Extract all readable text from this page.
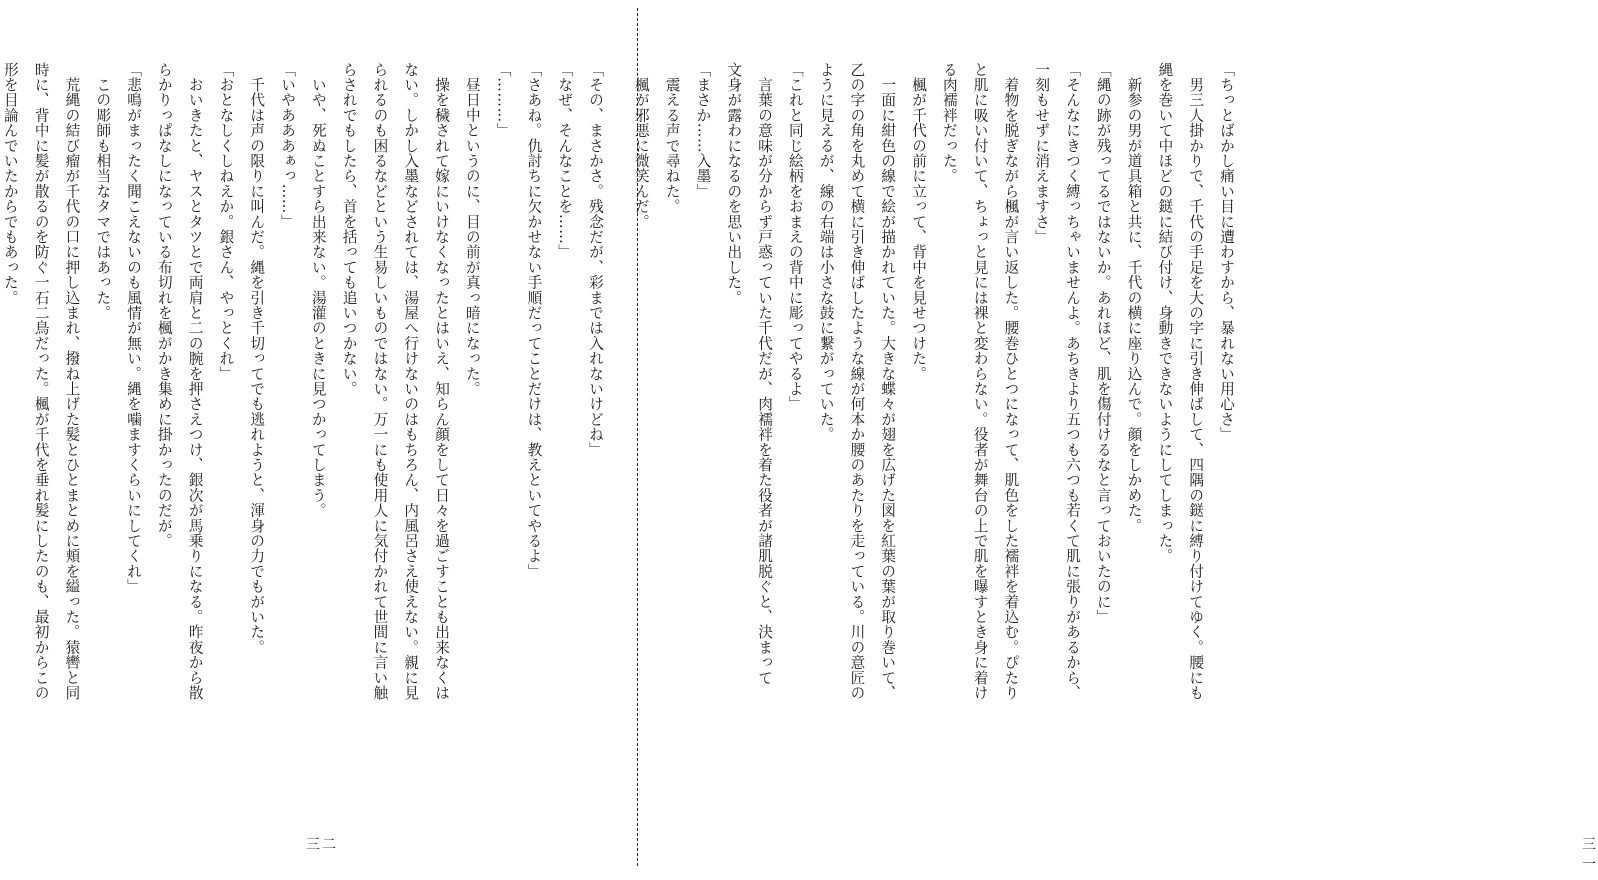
「ちっとばかし痛い目に遭わすから、暴れない用心さ」
　男三人掛かりで、千代の手足を大の字に引き伸ばして、四隅の鎹に縛り付けてゆく。腰にも
縄を巻いて中ほどの鎹に結び付け、身動きできないようにしてしまった。
　新参の男が道具箱と共に、千代の横に座り込んで。顔をしかめた。
「縄の跡が残ってるではないか。あれほど、肌を傷付けるなと言っておいたのに」
「そんなにきつく縛っちゃいませんよ。あちきより五つも六つも若くて肌に張りがあるから、
一刻もせずに消えますさ」
　着物を脱ぎながら楓が言い返した。腰巻ひとつになって、肌色をした襦袢を着込む。ぴたり
と肌に吸い付いて、ちょっと見には裸と変わらない。役者が舞台の上で肌を曝すとき身に着け
る肉襦袢だった。
　楓が千代の前に立って、背中を見せつけた。
　一面に紺色の線で絵が描かれていた。大きな蝶々が翅を広げた図を紅葉の葉が取り巻いて、
乙の字の角を丸めて横に引き伸ばしたような線が何本か腰のあたりを走っている。川の意匠の
ように見えるが、線の右端は小さな鼓に繋がっていた。
「これと同じ絵柄をおまえの背中に彫ってやるよ」
　言葉の意味が分からず戸惑っていた千代だが、肉襦袢を着た役者が諸肌脱ぐと、決まって
文身が露わになるのを思い出した。
「まさか……入墨」
　震える声で尋ねた。
　楓が邪悪に微笑んだ。
三一
「その、まさかさ。残念だが、彩までは入れないけどね」
「なぜ、そんなことを……」
「さあね。仇討ちに欠かせない手順だってことだけは、教えといてやるよ」
「………」
　昼日中というのに、目の前が真っ暗になった。
　操を穢されて嫁にいけなくなったとはいえ、知らん顔をして日々を過ごすことも出来なくは
ない。しかし入墨などされては、湯屋へ行けないのはもちろん、内風呂さえ使えない。親に見
られるのも困るなどという生易しいものではない。万一にも使用人に気付かれて世間に言い触
らされでもしたら、首を括っても追いつかない。
　いや、死ぬことすら出来ない。湯灌のときに見つかってしまう。
「いやあああぁっ……」
　千代は声の限りに叫んだ。縄を引き千切ってでも逃れようと、渾身の力でもがいた。
「おとなしくしねえか。銀さん、やっとくれ」
　おいきたと、ヤスとタツとで両肩と二の腕を押さえつけ、銀次が馬乗りになる。昨夜から散
らかりっぱなしになっている布切れを楓がかき集めに掛かったのだが。
「悲鳴がまったく聞こえないのも風情が無い。縄を噛ますくらいにしてくれ」
　この彫師も相当なタマではあった。
　荒縄の結び瘤が千代の口に押し込まれ、撥ね上げた髪とひとまとめに頬を縊った。猿轡と同
時に、背中に髪が散るのを防ぐ一石二鳥だった。楓が千代を垂れ髪にしたのも、最初からこの
形を目論んでいたからでもあった。
三二
